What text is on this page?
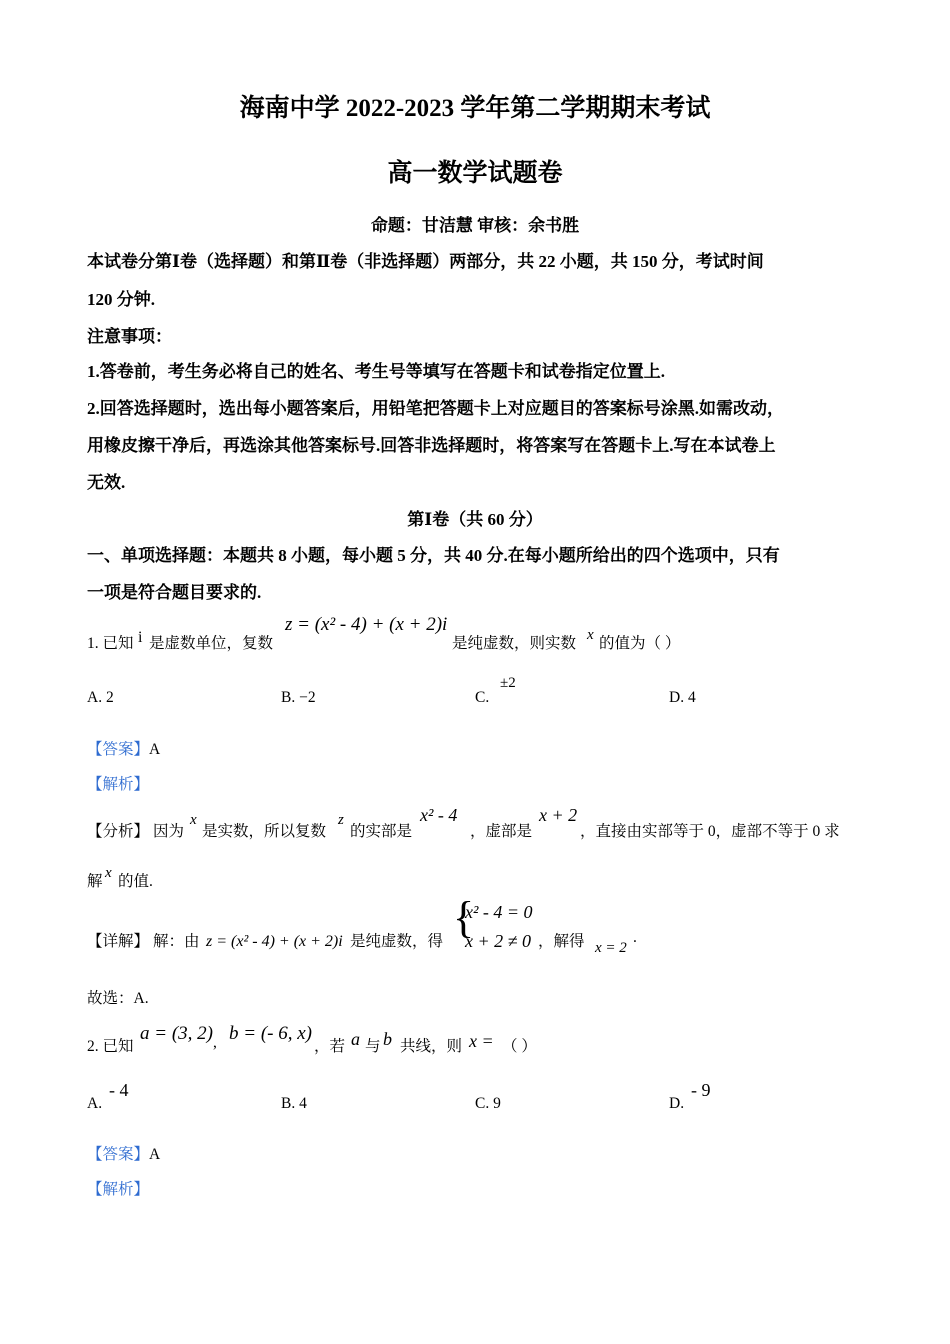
海南中学 2022-2023 学年第二学期期末考试
高一数学试题卷
命题：甘洁慧 审核：余书胜
本试卷分第Ⅰ卷（选择题）和第Ⅱ卷（非选择题）两部分，共 22 小题，共 150 分，考试时间
120 分钟.
注意事项：
1.答卷前，考生务必将自己的姓名、考生号等填写在答题卡和试卷指定位置上.
2.回答选择题时，选出每小题答案后，用铅笔把答题卡上对应题目的答案标号涂黑.如需改动，
用橡皮擦干净后，再选涂其他答案标号.回答非选择题时，将答案写在答题卡上.写在本试卷上
无效.
第Ⅰ卷（共 60 分）
一、单项选择题：本题共 8 小题，每小题 5 分，共 40 分.在每小题所给出的四个选项中，只有
一项是符合题目要求的.
1. 已知 i 是虚数单位，复数
z = (x² - 4) + (x + 2)i
是纯虚数，则实数 x 的值为（ ）
A. 2	B. −2	C.
±2
D. 4
【答案】A
【解析】
【分析】 因为
x
是实数，所以复数
z
的实部是
x² - 4
，虚部是
x + 2
，直接由实部等于 0，虚部不等于 0 求
解 x 的值.
【详解】 解：由 z = (x² - 4) + (x + 2)i 是纯虚数，得 {
x² - 4 = 0
x + 2 ≠ 0 ，解得 x = 2
.
故选：A.
2. 已知
a = (3, 2) , b = (- 6, x)
，若 a 与 b 共线，则 x = （ ）
A.
- 4
B. 4	C. 9	D.
- 9
【答案】A
【解析】
